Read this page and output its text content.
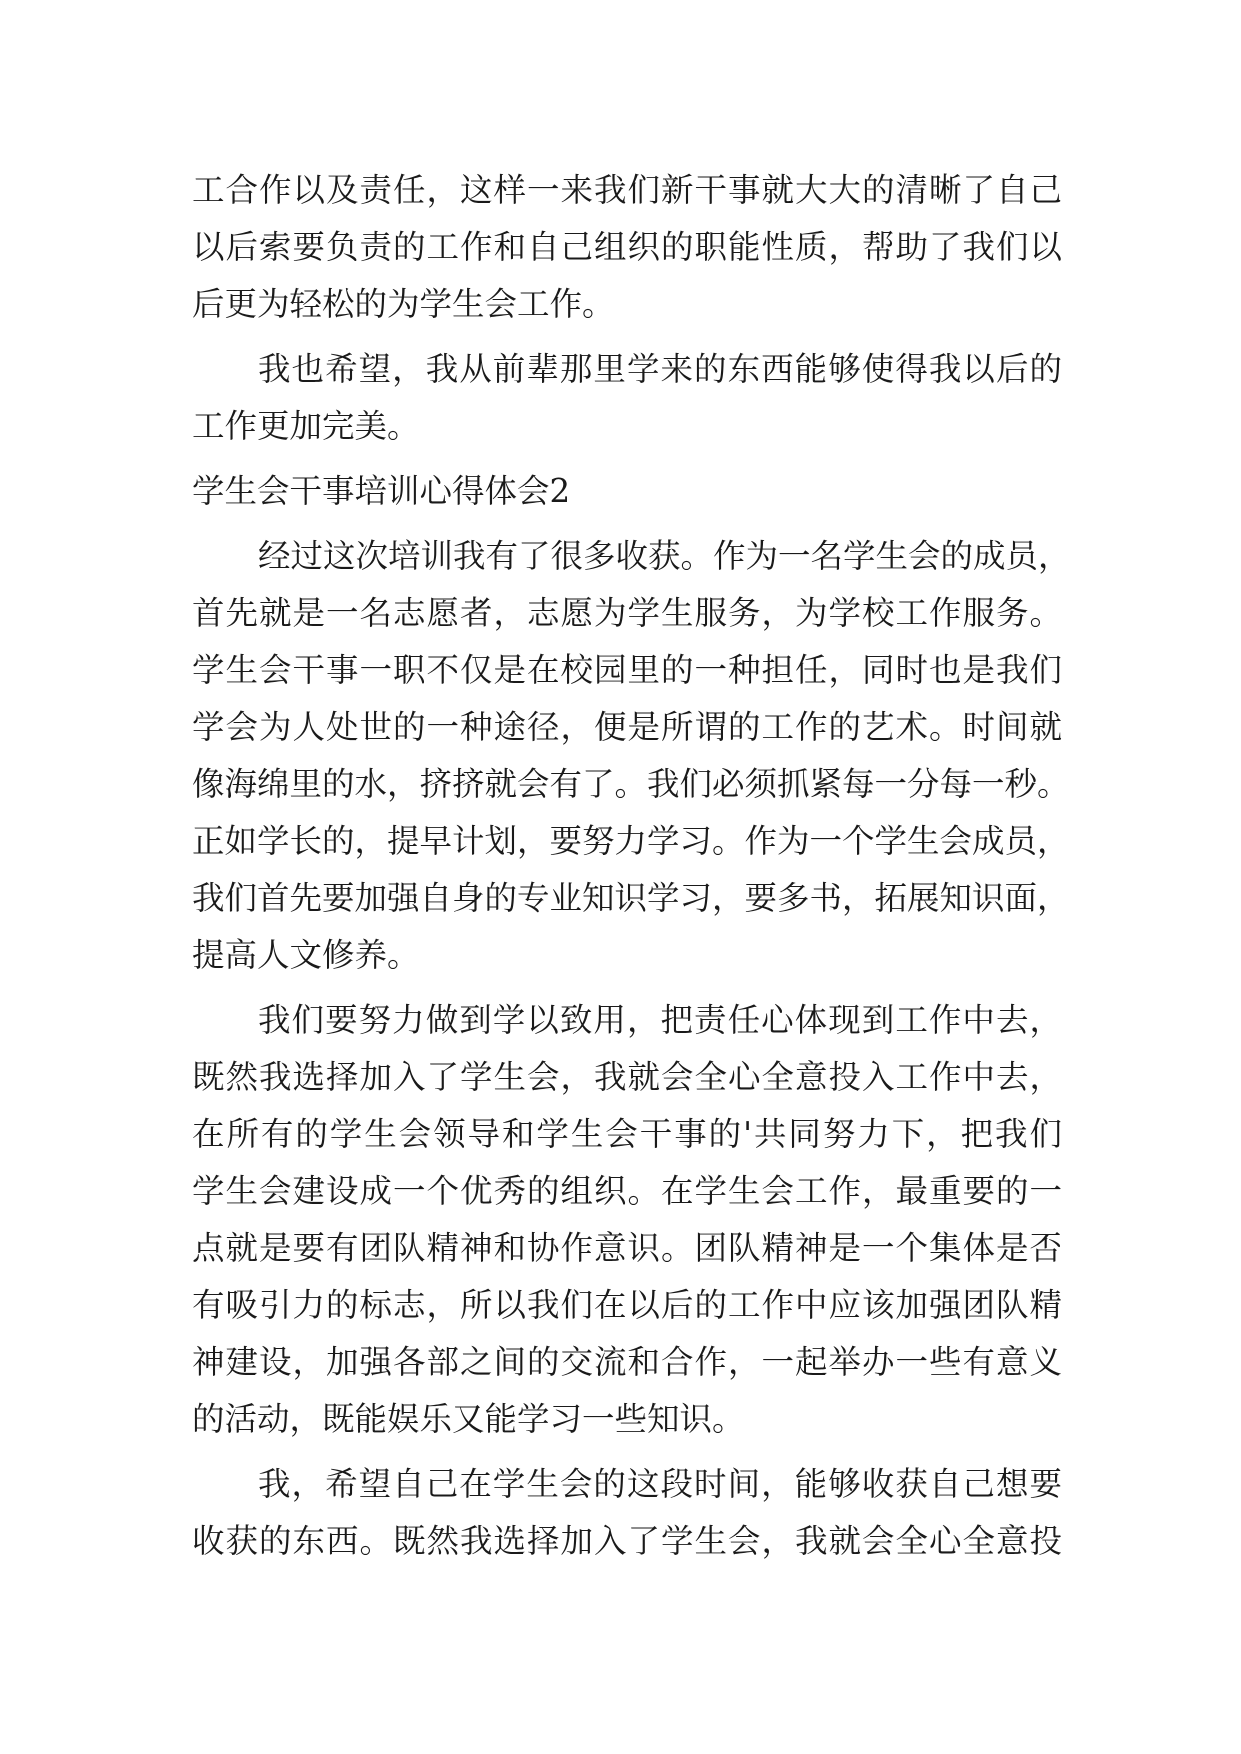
工合作以及责任，这样一来我们新干事就大大的清晰了自己
以后索要负责的工作和自己组织的职能性质，帮助了我们以
后更为轻松的为学生会工作。
我也希望，我从前辈那里学来的东西能够使得我以后的
工作更加完美。
学生会干事培训心得体会2
经过这次培训我有了很多收获。作为一名学生会的成员，
首先就是一名志愿者，志愿为学生服务，为学校工作服务。
学生会干事一职不仅是在校园里的一种担任，同时也是我们
学会为人处世的一种途径，便是所谓的工作的艺术。时间就
像海绵里的水，挤挤就会有了。我们必须抓紧每一分每一秒。
正如学长的，提早计划，要努力学习。作为一个学生会成员，
我们首先要加强自身的专业知识学习，要多书，拓展知识面，
提高人文修养。
我们要努力做到学以致用，把责任心体现到工作中去，
既然我选择加入了学生会，我就会全心全意投入工作中去，
在所有的学生会领导和学生会干事的'共同努力下，把我们
学生会建设成一个优秀的组织。在学生会工作，最重要的一
点就是要有团队精神和协作意识。团队精神是一个集体是否
有吸引力的标志，所以我们在以后的工作中应该加强团队精
神建设，加强各部之间的交流和合作，一起举办一些有意义
的活动，既能娱乐又能学习一些知识。
我，希望自己在学生会的这段时间，能够收获自己想要
收获的东西。既然我选择加入了学生会，我就会全心全意投
